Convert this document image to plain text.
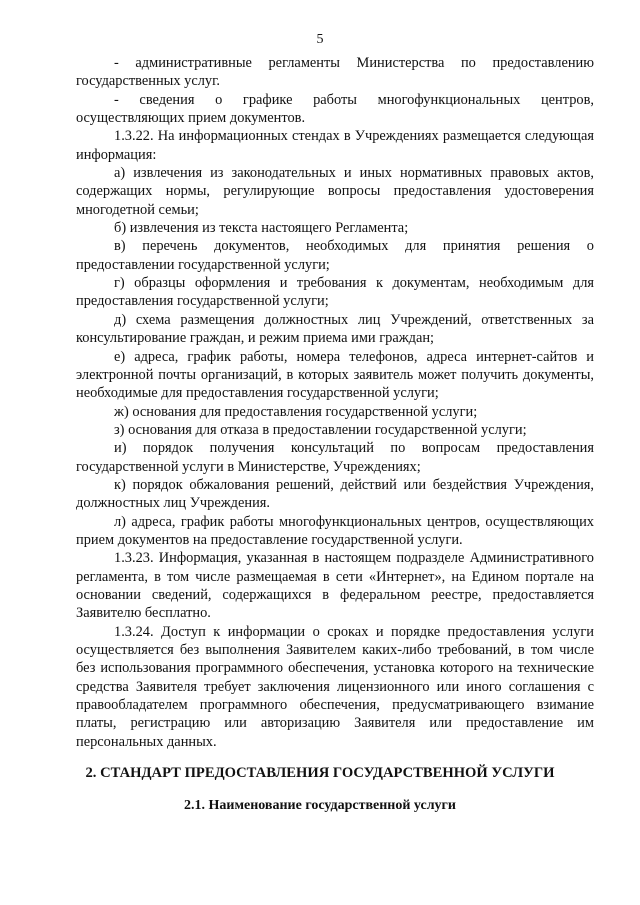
5

- административные регламенты Министерства по предоставлению государственных услуг.

- сведения о графике работы многофункциональных центров, осуществляющих прием документов.

1.3.22. На информационных стендах в Учреждениях размещается следующая информация:

а) извлечения из законодательных и иных нормативных правовых актов, содержащих нормы, регулирующие вопросы предоставления удостоверения многодетной семьи;

б) извлечения из текста настоящего Регламента;

в) перечень документов, необходимых для принятия решения о предоставлении государственной услуги;

г) образцы оформления и требования к документам, необходимым для предоставления государственной услуги;

д) схема размещения должностных лиц Учреждений, ответственных за консультирование граждан, и режим приема ими граждан;

е) адреса, график работы, номера телефонов, адреса интернет-сайтов и электронной почты организаций, в которых заявитель может получить документы, необходимые для предоставления государственной услуги;

ж) основания для предоставления государственной услуги;

з) основания для отказа в предоставлении государственной услуги;

и) порядок получения консультаций по вопросам предоставления государственной услуги в Министерстве, Учреждениях;

к) порядок обжалования решений, действий или бездействия Учреждения, должностных лиц Учреждения.

л) адреса, график работы многофункциональных центров, осуществляющих прием документов на предоставление государственной услуги.

1.3.23. Информация, указанная в настоящем подразделе Административного регламента, в том числе размещаемая в сети «Интернет», на Едином портале на основании сведений, содержащихся в федеральном реестре, предоставляется Заявителю бесплатно.

1.3.24. Доступ к информации о сроках и порядке предоставления услуги осуществляется без выполнения Заявителем каких-либо требований, в том числе без использования программного обеспечения, установка которого на технические средства Заявителя требует заключения лицензионного или иного соглашения с правообладателем программного обеспечения, предусматривающего взимание платы, регистрацию или авторизацию Заявителя или предоставление им персональных данных.

2. СТАНДАРТ ПРЕДОСТАВЛЕНИЯ ГОСУДАРСТВЕННОЙ УСЛУГИ
2.1. Наименование государственной услуги
